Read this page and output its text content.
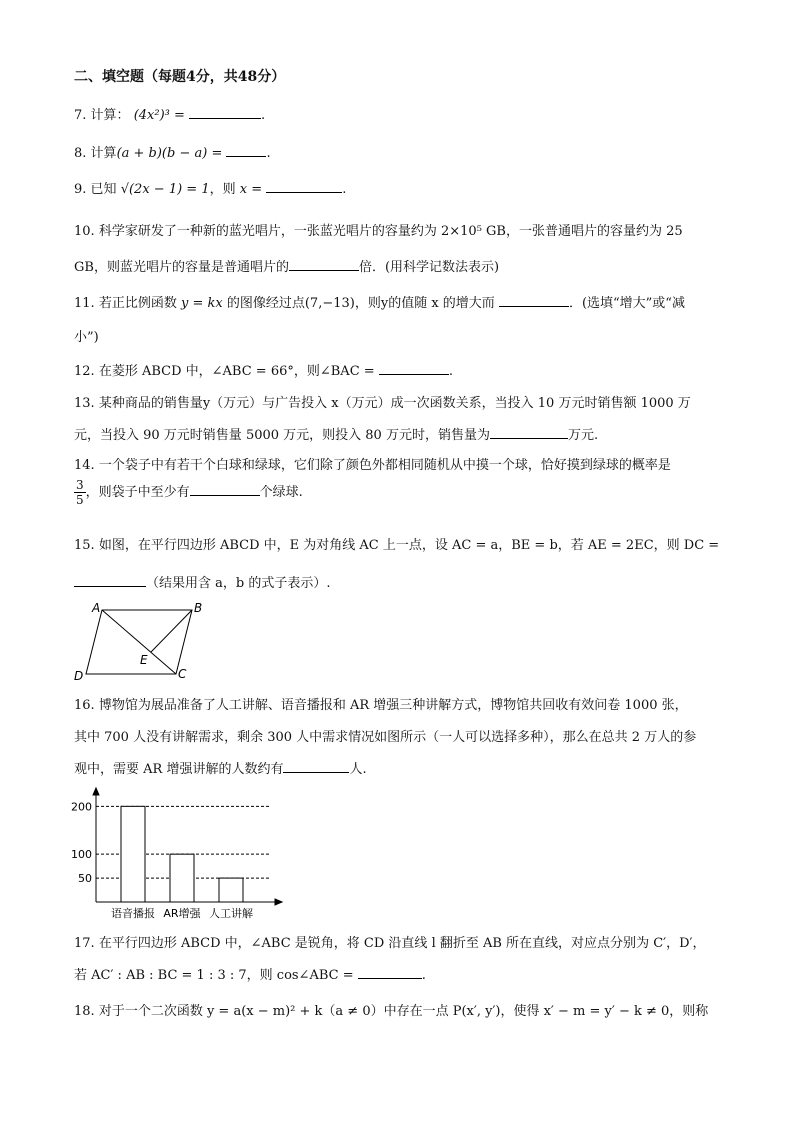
二、填空题（每题4分，共48分）
7. 计算： (4x²)³ =	.
8. 计算(a + b)(b − a) =	.
9. 已知 √(2x − 1) = 1，则 x =	.
10. 科学家研发了一种新的蓝光唱片，一张蓝光唱片的容量约为 2×10⁵ GB，一张普通唱片的容量约为 25
GB，则蓝光唱片的容量是普通唱片的	倍．(用科学记数法表示)
11. 若正比例函数 y = kx 的图像经过点(7,−13)，则y的值随 x 的增大而	．(选填“增大”或“减
小”)
12. 在菱形 ABCD 中，∠ABC = 66°，则∠BAC =	.
13. 某种商品的销售量y（万元）与广告投入 x（万元）成一次函数关系，当投入 10 万元时销售额 1000 万
元，当投入 90 万元时销售量 5000 万元，则投入 80 万元时，销售量为	万元.
14. 一个袋子中有若干个白球和绿球，它们除了颜色外都相同随机从中摸一个球，恰好摸到绿球的概率是
$\frac{3}{5}$ ，则袋子中至少有	个绿球.
15. 如图，在平行四边形 ABCD 中，E 为对角线 AC 上一点，设 AC = a，BE = b，若 AE = 2EC，则 DC =
（结果用含 a，b 的式子表示）.
A	B
C
D
E
16. 博物馆为展品准备了人工讲解、语音播报和 AR 增强三种讲解方式，博物馆共回收有效问卷 1000 张，
其中 700 人没有讲解需求，剩余 300 人中需求情况如图所示（一人可以选择多种），那么在总共 2 万人的参
观中，需要 AR 增强讲解的人数约有	人.
50
100
200
语音播报 AR增强 人工讲解
17. 在平行四边形 ABCD 中，∠ABC 是锐角，将 CD 沿直线 l 翻折至 AB 所在直线，对应点分别为 C′，D′，
若 AC′ : AB : BC = 1 : 3 : 7，则 cos∠ABC =	.
18. 对于一个二次函数 y = a(x − m)² + k（a ≠ 0）中存在一点 P(x′, y′)，使得 x′ − m = y′ − k ≠ 0，则称
